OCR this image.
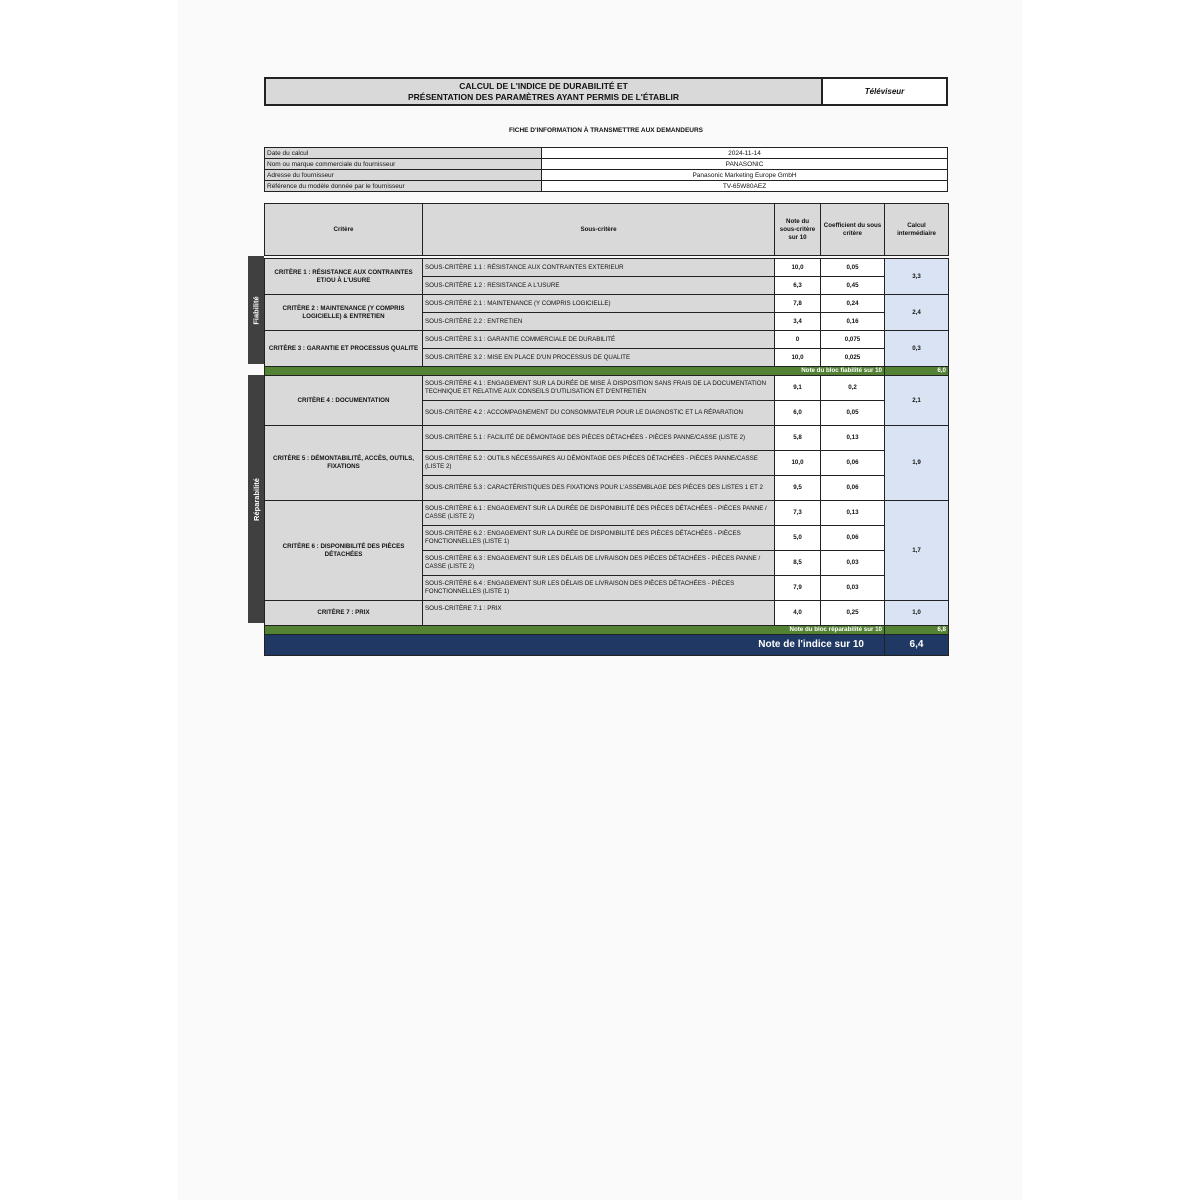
CALCUL DE L'INDICE DE DURABILITÉ ET
PRÉSENTATION DES PARAMÈTRES AYANT PERMIS DE L'ÉTABLIR	Téléviseur
FICHE D'INFORMATION À TRANSMETTRE AUX DEMANDEURS
Date du calcul	2024-11-14
Nom ou marque commerciale du fournisseur	PANASONIC
Adresse du fournisseur	Panasonic Marketing Europe GmbH
Référence du modèle donnée par le fournisseur	TV-65W80AEZ
Fiabilité
Réparabilité
Critère	Sous-critère	Note du sous-critère sur 10	Coefficient du sous critère	Calcul intermédiaire

CRITÈRE 1 : RÉSISTANCE AUX CONTRAINTES ET/OU À L'USURE	SOUS-CRITÈRE 1.1 : RÉSISTANCE AUX CONTRAINTES EXTERIEUR	10,0	0,05	3,3
	SOUS-CRITÈRE 1.2 : RESISTANCE A L'USURE	6,3	0,45	
CRITÈRE 2 : MAINTENANCE (Y COMPRIS LOGICIELLE) & ENTRETIEN	SOUS-CRITÈRE 2.1 : MAINTENANCE (Y COMPRIS LOGICIELLE)	7,8	0,24	2,4
	SOUS-CRITÈRE 2.2 : ENTRETIEN	3,4	0,16	
CRITÈRE 3 : GARANTIE ET PROCESSUS QUALITE	SOUS-CRITÈRE 3.1 : GARANTIE COMMERCIALE DE DURABILITÉ	0	0,075	0,3
	SOUS-CRITÈRE 3.2 : MISE EN PLACE D'UN PROCESSUS DE QUALITE	10,0	0,025	
Note du bloc fiabilité sur 10				6,0
CRITÈRE 4 : DOCUMENTATION	SOUS-CRITÈRE 4.1 : ENGAGEMENT SUR LA DURÉE DE MISE À DISPOSITION SANS FRAIS DE LA DOCUMENTATION TECHNIQUE ET RELATIVE AUX CONSEILS D'UTILISATION ET D'ENTRETIEN	9,1	0,2	2,1
	SOUS-CRITÈRE 4.2 : ACCOMPAGNEMENT DU CONSOMMATEUR POUR LE DIAGNOSTIC ET LA RÉPARATION	6,0	0,05	
CRITÈRE 5 : DÉMONTABILITÉ, ACCÈS, OUTILS, FIXATIONS	SOUS-CRITÈRE 5.1 : FACILITÉ DE DÉMONTAGE DES PIÈCES DÉTACHÉES - PIÈCES PANNE/CASSE (LISTE 2)	5,8	0,13	1,9
	SOUS-CRITÈRE 5.2 : OUTILS NÉCESSAIRES AU DÉMONTAGE DES PIÈCES DÉTACHÉES - PIÈCES PANNE/CASSE (LISTE 2)	10,0	0,06	
	SOUS-CRITÈRE 5.3 : CARACTÉRISTIQUES DES FIXATIONS POUR L'ASSEMBLAGE DES PIÈCES DES LISTES 1 ET 2	9,5	0,06	
CRITÈRE 6 : DISPONIBILITÉ DES PIÈCES DÉTACHÉES	SOUS-CRITÈRE 6.1 : ENGAGEMENT SUR LA DURÉE DE DISPONIBILITÉ DES PIÈCES DÉTACHÉES - PIÈCES PANNE / CASSE (LISTE 2)	7,3	0,13	1,7
	SOUS-CRITÈRE 6.2 : ENGAGEMENT SUR LA DURÉE DE DISPONIBILITÉ DES PIÈCES DÉTACHÉES - PIÈCES FONCTIONNELLES (LISTE 1)	5,0	0,06	
	SOUS-CRITÈRE 6.3 : ENGAGEMENT SUR LES DÉLAIS DE LIVRAISON DES PIÈCES DÉTACHÉES - PIÈCES PANNE / CASSE (LISTE 2)	8,5	0,03	
	SOUS-CRITÈRE 6.4 : ENGAGEMENT SUR LES DÉLAIS DE LIVRAISON DES PIÈCES DÉTACHÉES - PIÈCES FONCTIONNELLES (LISTE 1)	7,9	0,03	
CRITÈRE 7 : PRIX	SOUS-CRITÈRE 7.1 : PRIX	4,0	0,25	1,0
Note du bloc réparabilité sur 10				6,8
Note de l'indice sur 10				6,4
